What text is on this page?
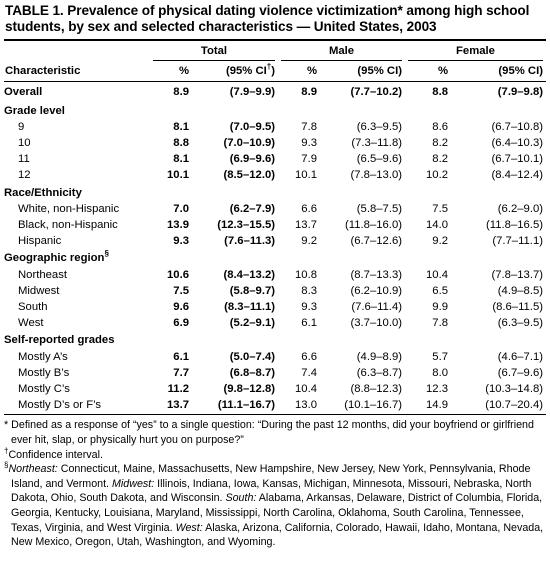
TABLE 1. Prevalence of physical dating violence victimization* among high school students, by sex and selected characteristics — United States, 2003

	Total		Male		Female	

Characteristic	%	(95% CI†)	%	(95% CI)	%	(95% CI)
Overall	8.9	(7.9–9.9)	8.9	(7.7–10.2)	8.8	(7.9–9.8)
Grade level						
9	8.1	(7.0–9.5)	7.8	(6.3–9.5)	8.6	(6.7–10.8)
10	8.8	(7.0–10.9)	9.3	(7.3–11.8)	8.2	(6.4–10.3)
11	8.1	(6.9–9.6)	7.9	(6.5–9.6)	8.2	(6.7–10.1)
12	10.1	(8.5–12.0)	10.1	(7.8–13.0)	10.2	(8.4–12.4)
Race/Ethnicity						
White, non-Hispanic	7.0	(6.2–7.9)	6.6	(5.8–7.5)	7.5	(6.2–9.0)
Black, non-Hispanic	13.9	(12.3–15.5)	13.7	(11.8–16.0)	14.0	(11.8–16.5)
Hispanic	9.3	(7.6–11.3)	9.2	(6.7–12.6)	9.2	(7.7–11.1)
Geographic region§
Northeast	10.6	(8.4–13.2)	10.8	(8.7–13.3)	10.4	(7.8–13.7)
Midwest	7.5	(5.8–9.7)	8.3	(6.2–10.9)	6.5	(4.9–8.5)
South	9.6	(8.3–11.1)	9.3	(7.6–11.4)	9.9	(8.6–11.5)
West	6.9	(5.2–9.1)	6.1	(3.7–10.0)	7.8	(6.3–9.5)
Self-reported grades						
Mostly A’s	6.1	(5.0–7.4)	6.6	(4.9–8.9)	5.7	(4.6–7.1)
Mostly B’s	7.7	(6.8–8.7)	7.4	(6.3–8.7)	8.0	(6.7–9.6)
Mostly C’s	11.2	(9.8–12.8)	10.4	(8.8–12.3)	12.3	(10.3–14.8)
Mostly D’s or F’s	13.7	(11.1–16.7)	13.0	(10.1–16.7)	14.9	(10.7–20.4)
* Defined as a response of “yes” to a single question: “During the past 12 months, did your boyfriend or girlfriend ever hit, slap, or physically hurt you on purpose?”
†Confidence interval.
§Northeast: Connecticut, Maine, Massachusetts, New Hampshire, New Jersey, New York, Pennsylvania, Rhode Island, and Vermont. Midwest: Illinois, Indiana, Iowa, Kansas, Michigan, Minnesota, Missouri, Nebraska, North Dakota, Ohio, South Dakota, and Wisconsin. South: Alabama, Arkansas, Delaware, District of Columbia, Florida, Georgia, Kentucky, Louisiana, Maryland, Mississippi, North Carolina, Oklahoma, South Carolina, Tennessee, Texas, Virginia, and West Virginia. West: Alaska, Arizona, California, Colorado, Hawaii, Idaho, Montana, Nevada, New Mexico, Oregon, Utah, Washington, and Wyoming.
